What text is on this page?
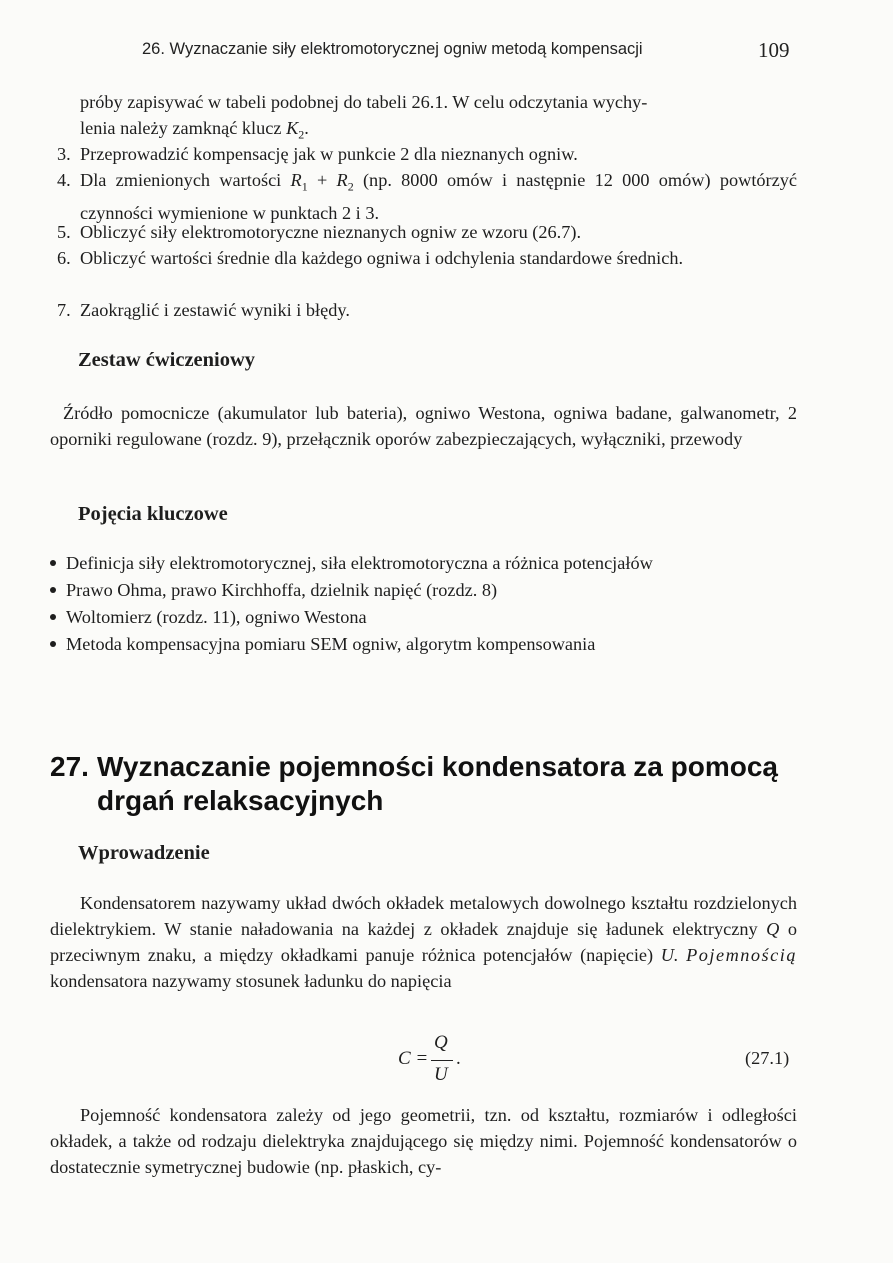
26. Wyznaczanie siły elektromotorycznej ogniw metodą kompensacji	109
próby zapisywać w tabeli podobnej do tabeli 26.1. W celu odczytania wychy-
lenia należy zamknąć klucz $K_2$.
3. Przeprowadzić kompensację jak w punkcie 2 dla nieznanych ogniw.
4. Dla zmienionych wartości $R_1 + R_2$ (np. 8000 omów i następnie 12 000 omów) powtórzyć czynności wymienione w punktach 2 i 3.
5. Obliczyć siły elektromotoryczne nieznanych ogniw ze wzoru (26.7).
6. Obliczyć wartości średnie dla każdego ogniwa i odchylenia standardowe średnich.
7. Zaokrąglić i zestawić wyniki i błędy.
Zestaw ćwiczeniowy
Źródło pomocnicze (akumulator lub bateria), ogniwo Westona, ogniwa badane, galwanometr, 2 oporniki regulowane (rozdz. 9), przełącznik oporów zabezpieczających, wyłączniki, przewody
Pojęcia kluczowe
Definicja siły elektromotorycznej, siła elektromotoryczna a różnica potencjałów
Prawo Ohma, prawo Kirchhoffa, dzielnik napięć (rozdz. 8)
Woltomierz (rozdz. 11), ogniwo Westona
Metoda kompensacyjna pomiaru SEM ogniw, algorytm kompensowania
27. Wyznaczanie pojemności kondensatora za pomocą drgań relaksacyjnych
Wprowadzenie
Kondensatorem nazywamy układ dwóch okładek metalowych dowolnego kształtu rozdzielonych dielektrykiem. W stanie naładowania na każdej z okładek znajduje się ładunek elektryczny Q o przeciwnym znaku, a między okładkami panuje różnica potencjałów (napięcie) U. Pojemnością kondensatora nazywamy stosunek ładunku do napięcia
C =
Q
U
.	(27.1)
Pojemność kondensatora zależy od jego geometrii, tzn. od kształtu, rozmiarów i odległości okładek, a także od rodzaju dielektryka znajdującego się między nimi. Pojemność kondensatorów o dostatecznie symetrycznej budowie (np. płaskich, cy-
